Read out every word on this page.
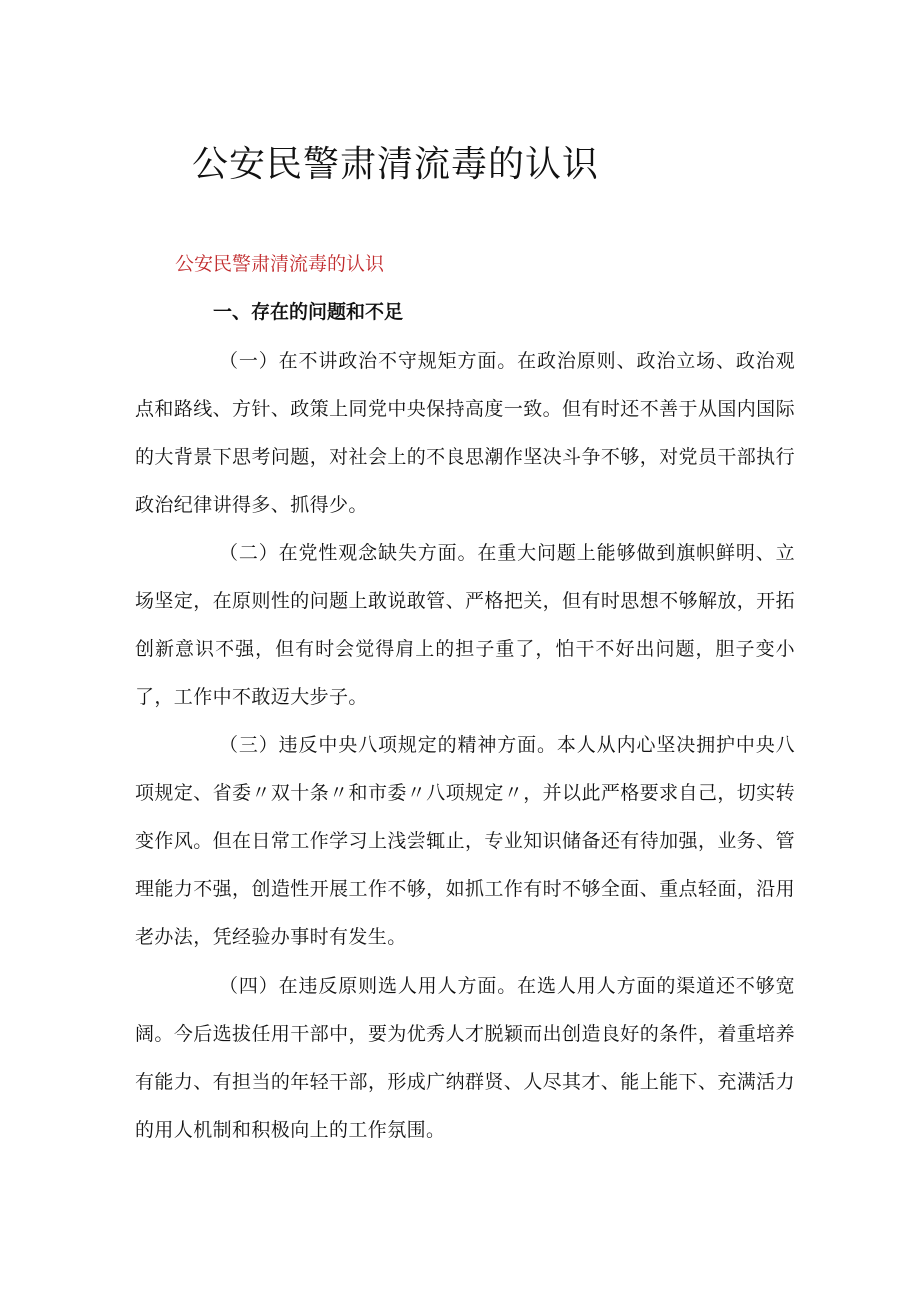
公安民警肃清流毒的认识

公安民警肃清流毒的认识

一、存在的问题和不足

（一）在不讲政治不守规矩方面。在政治原则、政治立场、政治观点和路线、方针、政策上同党中央保持高度一致。但有时还不善于从国内国际的大背景下思考问题，对社会上的不良思潮作坚决斗争不够，对党员干部执行政治纪律讲得多、抓得少。

（二）在党性观念缺失方面。在重大问题上能够做到旗帜鲜明、立场坚定，在原则性的问题上敢说敢管、严格把关，但有时思想不够解放，开拓创新意识不强，但有时会觉得肩上的担子重了，怕干不好出问题，胆子变小了，工作中不敢迈大步子。

（三）违反中央八项规定的精神方面。本人从内心坚决拥护中央八项规定、省委〃双十条〃和市委〃八项规定〃，并以此严格要求自己，切实转变作风。但在日常工作学习上浅尝辄止，专业知识储备还有待加强，业务、管理能力不强，创造性开展工作不够，如抓工作有时不够全面、重点轻面，沿用老办法，凭经验办事时有发生。

（四）在违反原则选人用人方面。在选人用人方面的渠道还不够宽阔。今后选拔任用干部中，要为优秀人才脱颖而出创造良好的条件，着重培养有能力、有担当的年轻干部，形成广纳群贤、人尽其才、能上能下、充满活力的用人机制和积极向上的工作氛围。
